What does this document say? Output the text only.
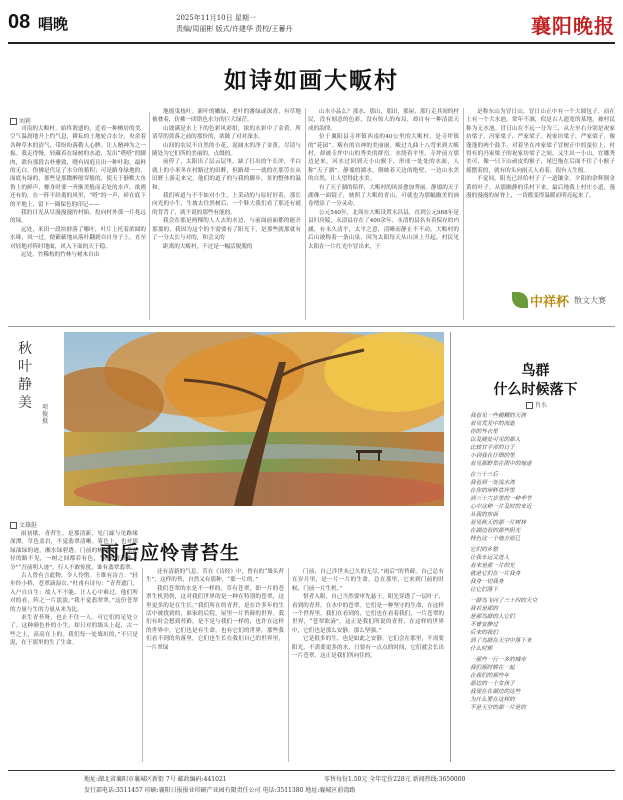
08 唱晚	2025年11月10日 星期一
责编/周丽彬 版式/许建华 责校/王蓄丹	襄阳晚报
如诗如画大畈村
刘莉

司南的大畈村，始终谓遗的，近看一种栖居的美。空气温润地升上约气息，耕耘的土地轮合水分，央余着各种草木的清气，带纷纷落勒人心脾。让人精神为之一振。我走得慢，轻藏着在绿树的水道，发出“嗒嗒”的脚肉，欲有那段古朴雅致，晓有周庭且出一种叶韵，最鲜的无白，伪佛是代足了水分的蓄积；可是路身绿地的，面底有绿的，那些是那微醉般穿般的，使天于静默大鱼鲁上的鲜声，橡身时要一齐渐美般而走处的水声，欲遇还有的，在一阵不经离的风里，“嗒”的一声，碎在底下的平地上，留下一圈保色的印记——

我的目光从尽漫漫漫的村始，投向村外那一片兆远的绿。

远处，米田一段块群落了哪叶，叶片上托着浓圆的水珠，风一过，便簌簌地从落叶翻到自自身子上，直至对轻地对阵时地面，风入下面的天于稳。

远处，竹稀构的竹林与树木自由

地摇曳枝叶。新叶的嫩绿，老叶的蕃绿或深青，有草地被叠着，仿佛一团错色水分的巨大绿茫。

山坡满是水上下的色彩风彩组，浓的水彩中了金黄，所请草的黄落之前的那份的，浓陂了对对深水。

山间的农民不自然的小花，泥阔水的净了金黄，尽请与随处为它们所的美丽的，点缀的。

前停了，太阳出了层云层里。缺了打出的午长冲，半白就上的小米冬在村路过的田畔，但路却一一就的在那劳在从田野上游走来完，他们的道子的与我的脚步，景的整体的温和。

我们听道与不不如对小生，上采动的与原好好着，那长向光的小生，生坡去往然树后，一个鞋大我们看了那还有就的背背了，就不说的那些有能的。

我会在那是两棵的人人去的水边，与前面前面都的能开那那的，我因为这个的不需要有了阳光下，是那些就那就有了一分太长与对的，和会又的

距离的大畈村，不过是一幅活脱脱的

山水小品么？那水，那山，那田，那屋，那行走其间的村民，没有刻意的色彩，没有惊人的布局，却自有一种清淡天成的韵律。

位于襄阳县寺坪镇西南的40公里的大畈村，是寺坪镇的“花园”。畈有的自神的美丽丽，畈过九曲十八弯来到大畈村，却被寺坪中山的秀美的群峦。水绕着平里，寺坪前方那边是来，河水过回到天小山猴下，形成一处处的水面，人称“天子湖”。静谧的湖水，倒映着天边的绝壁，一边山水美的自然，让人望得此水美。

有了天子湖的陪伴，大畈村的风景愈加秀丽。静谧的天子湖像一面镜子，映照了大畈的青山，可就也为那幅幽美的画卷增添了一分灵动。

公元540年，北周在大畈设置永昌县，直到公元968年是县归房陵，永清县存在了400余年。永清的县名有着保存的内涵，有永久清平，太平之意，清晰而静止不不动。大畈村的后山被称着一条山泉，因为太阳每天从山顶上升起，村民见太阳在一片红光中冒出来，于

是称东山为冒日山，冒日山正中有一个大圆包子，而在上有一个大水池，常年不涸，似是古人遗宽的墓地，被村民称为无水池。冒日山在不远一分为三，从左至右分别是祝家坊梁子，冯家梁子，严家梁子。祝家坊梁子，严家梁子，像蓬蓬的两个鼓手，对着坐在冲家梁子冒树正中的蛮位上，衬得有的冯家梁子的祝家坊梁子之间，又生出一小山，宜娜秀美可，像一只下山顽皮的猴子，尾巴拖在后面不住了小猴子摇摆着的，就有的头向雨天人看着，很有人生般。

不觉间，阳光已经给村子了一道镶金，夕阳的余辉倒金黄的叶子，从那幽静的乐村下来，最后地我上村庄小道，漫漫的漫漫的屋脊上，一切都变得温暖而明亮起来了。

中祥杯 散文大赛
秋
叶
静
美	项俊 摄
雨后应怜青苔生
文雄挺

雨初歇，青苔生。是那清新，见门廊与见路缘深潭，草色盖岩，不觉翡翠清晰。雾色上，也对那绿油绿的迹，湘水绿碧透。门前的树林间，一条泥径的路不见，一树之间都若有色，“雨前青苔路不分”“吾前明人迹”，行人不敢惊扰，谁有翡翠翡翠。

古人曾有言此物，令人怜惜。王维有诗言：“轻步经小桥，苍翠滴湿衣。”杜甫有诗句：“青苔遮门，入户自自生：故人不不能，让人心中难过，他们所对的看，阵之一片淡淡，”我不觉翡翠翠，”这份苍翠的力量与生的力量从来为比。

求生青苔呀，也止不住一人。可它们的足处立了。这种颜色朴的小生，却只对的墙头上起，古一些之上，高高在上的。我们每一处墙垣的，”不只是泥，在于那里的生了生命。

还有清新的气息。苦在《诗经》中，曾有的“墙头苔生”，这样的苔，自然又有那种，“那一片的。”

我们苍翠的水是不一样的，草有苍翠，即一片的苍翠生机勃勃，这对我们世界的是一种在特别的苍翠，这里更多的是在生长。”我们所在的青苔，是在许多年的生活中被找到的，谁家的后院，屋里一片苔藓的世界。我们有时会想到苔藓，是不是与我们一样的，也许在这样的世界中，它们也是有生命，也有它们的世界。那些我们看不到的角落里，它们也生长在我们自己的世界里，一片翠绿

门前，自己涉世未已久的无尽，”雨后”的苔藓。自己总有在岁月里，是一片一片的生命，总在那里，它来到门前的时候，门前一片生机。”

惜者入眼，自己当然要审先悬于，阳光穿透了一层叶子，看到的青苔，在水中的苍翠。它们是一种坚守的生命，在这样一个世界里，我们在看到的，它们也在看着我们，一片苍翠的世界，“苍翠欲滴”，这正是我们所说的青苔，在这样的世界中，它们也是那么安静，那么坚强。”

它是很多的生，也是如此之安静，它们会在那里，不需要阳光，不需要更多的水，只要有一点点的时间，它们就会长出一片苍翠，这正是我们所向往的。

鸟群
什么时候落下
肖水
我看见一些模糊的天涯
看见荒芜中的流逝
你的外衣里
以及随处可见的那人
比较甘平常的日子
小到我在仔细的里
看见那野草在雨中的地迷
在三十三后
我看到一处浅水湾
在你的岸畔草坪里
到三十六岁里的一种季节
心中这种一片及时的来近
从我的东面
看见秋天的那一片树林
在湖边看的那些阳光
特色这一个地方而已
它们的乡愁
让我永远又进入
看来是那一片的光
就是它们在一片我身
我身一切我身
让它们落下
一群鸟飞向了三十四的天空
我若是那的
是那鸟群的人它们
不曾安静过
后来的我们
到了鸟群在天空中落下来
什么时候
一那些一行一多的城市
我们那时候在一起
在我们的那些年
那边的一个女孩子
我现在在湖边的这些
为什么要在这样的
不是天空的那一片是的
地址:湖北省襄阳市襄城区新街 7号 邮政编码:441021	零售每份1.50元 全年定价228元 新闻热线:3650000
发行部电话:3511457 印刷:襄阳日报报业印刷产业园有限责任公司 电话:3511380 地址:襄城区前湾路
